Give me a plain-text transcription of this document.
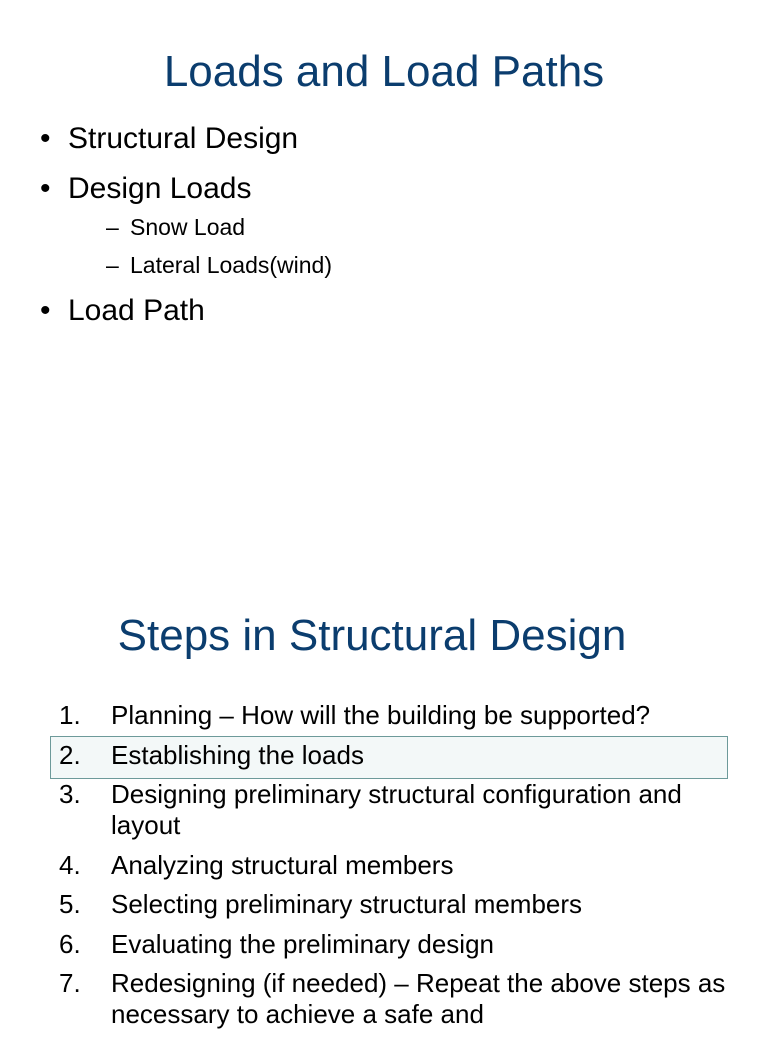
Loads and Load Paths
• Structural Design
• Design Loads
– Snow Load
– Lateral Loads(wind)
• Load Path
Steps in Structural Design
1. Planning – How will the building be supported?
2. Establishing the loads
3. Designing preliminary structural configuration and layout
4. Analyzing structural members
5. Selecting preliminary structural members
6. Evaluating the preliminary design
7. Redesigning (if needed) – Repeat the above steps as necessary to achieve a safe and
